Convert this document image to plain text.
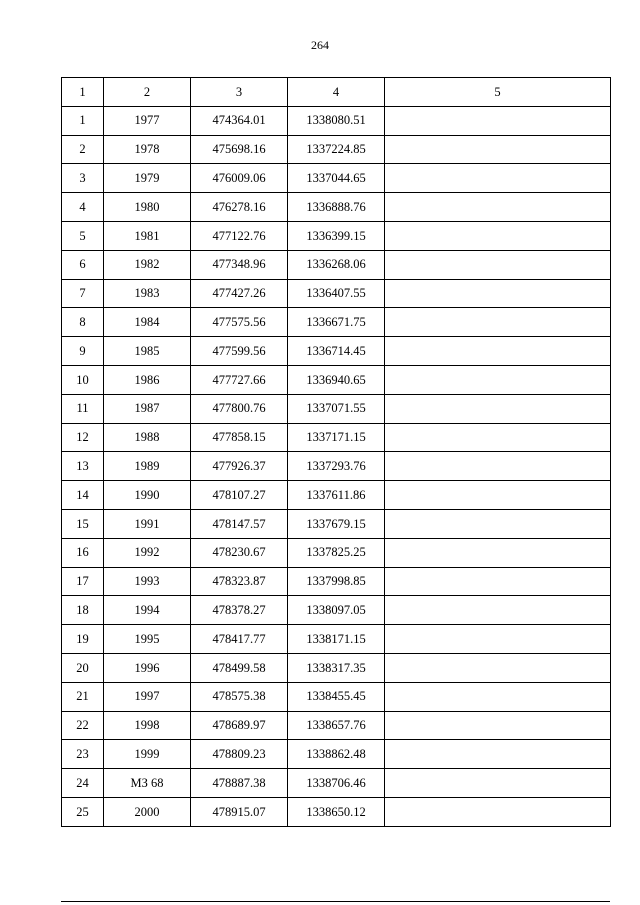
264
1	2	3	4	5
1	1977	474364.01	1338080.51	
2	1978	475698.16	1337224.85	
3	1979	476009.06	1337044.65	
4	1980	476278.16	1336888.76	
5	1981	477122.76	1336399.15	
6	1982	477348.96	1336268.06	
7	1983	477427.26	1336407.55	
8	1984	477575.56	1336671.75	
9	1985	477599.56	1336714.45	
10	1986	477727.66	1336940.65	
11	1987	477800.76	1337071.55	
12	1988	477858.15	1337171.15	
13	1989	477926.37	1337293.76	
14	1990	478107.27	1337611.86	
15	1991	478147.57	1337679.15	
16	1992	478230.67	1337825.25	
17	1993	478323.87	1337998.85	
18	1994	478378.27	1338097.05	
19	1995	478417.77	1338171.15	
20	1996	478499.58	1338317.35	
21	1997	478575.38	1338455.45	
22	1998	478689.97	1338657.76	
23	1999	478809.23	1338862.48	
24	МЗ 68	478887.38	1338706.46	
25	2000	478915.07	1338650.12	
